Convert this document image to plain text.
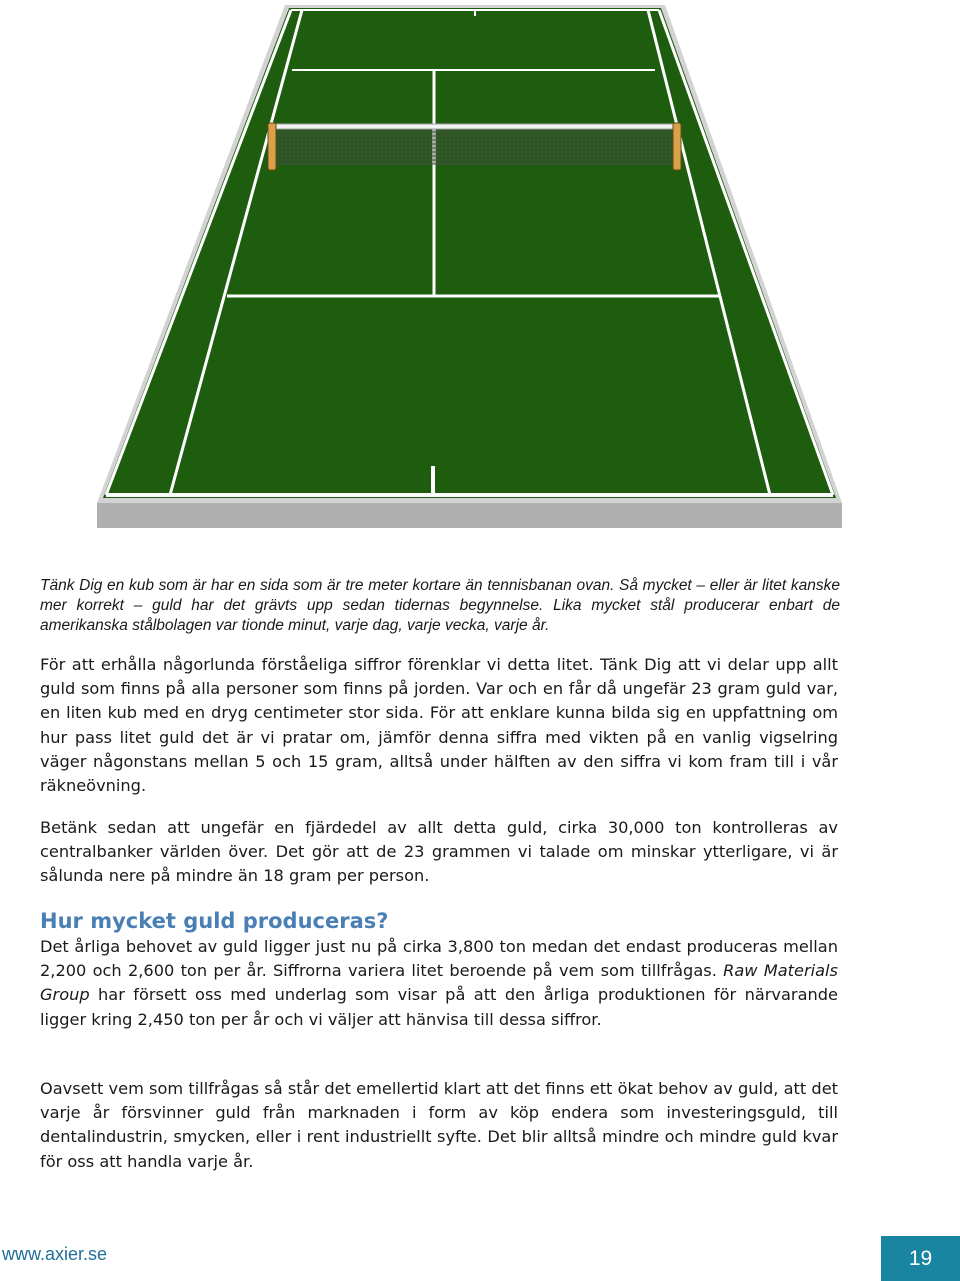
Tänk Dig en kub som är har en sida som är tre meter kortare än tennisbanan ovan. Så mycket – eller är litet kanske mer korrekt – guld har det grävts upp sedan tidernas begynnelse. Lika mycket stål producerar enbart de amerikanska stålbolagen var tionde minut, varje dag, varje vecka, varje år.

För att erhålla någorlunda förståeliga siffror förenklar vi detta litet. Tänk Dig att vi delar upp allt guld som finns på alla personer som finns på jorden. Var och en får då ungefär 23 gram guld var, en liten kub med en dryg centimeter stor sida. För att enklare kunna bilda sig en uppfattning om hur pass litet guld det är vi pratar om, jämför denna siffra med vikten på en vanlig vigselring väger någonstans mellan 5 och 15 gram, alltså under hälften av den siffra vi kom fram till i vår räkneövning.

Betänk sedan att ungefär en fjärdedel av allt detta guld, cirka 30,000 ton kontrolleras av centralbanker världen över. Det gör att de 23 grammen vi talade om minskar ytterligare, vi är sålunda nere på mindre än 18 gram per person.

Hur mycket guld produceras?

Det årliga behovet av guld ligger just nu på cirka 3,800 ton medan det endast produceras mellan 2,200 och 2,600 ton per år. Siffrorna variera litet beroende på vem som tillfrågas. Raw Materials Group har försett oss med underlag som visar på att den årliga produktionen för närvarande ligger kring 2,450 ton per år och vi väljer att hänvisa till dessa siffror.

Oavsett vem som tillfrågas så står det emellertid klart att det finns ett ökat behov av guld, att det varje år försvinner guld från marknaden i form av köp endera som investeringsguld, till dentalindustrin, smycken, eller i rent industriellt syfte. Det blir alltså mindre och mindre guld kvar för oss att handla varje år.

www.axier.se	19
